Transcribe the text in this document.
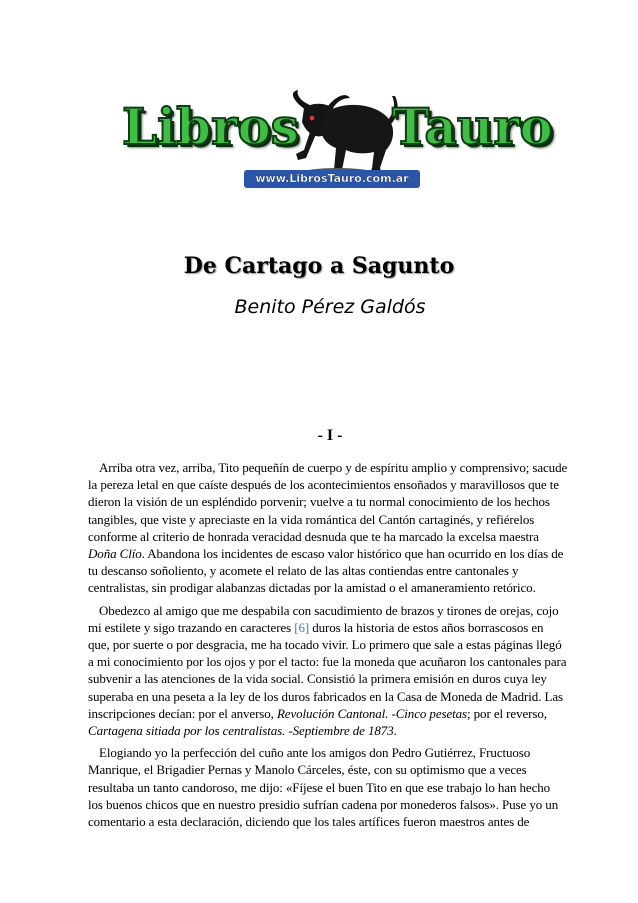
Libros Tauro
www.LibrosTauro.com.ar
De Cartago a Sagunto
Benito Pérez Galdós
- I -

Arriba otra vez, arriba, Tito pequeñín de cuerpo y de espíritu amplio y comprensivo; sacude la pereza letal en que caíste después de los acontecimientos ensoñados y maravillosos que te dieron la visión de un espléndido porvenir; vuelve a tu normal conocimiento de los hechos tangibles, que viste y apreciaste en la vida romántica del Cantón cartaginés, y refiérelos conforme al criterio de honrada veracidad desnuda que te ha marcado la excelsa maestra Doña Clío. Abandona los incidentes de escaso valor histórico que han ocurrido en los días de tu descanso soñoliento, y acomete el relato de las altas contiendas entre cantonales y centralistas, sin prodigar alabanzas dictadas por la amistad o el amaneramiento retórico.

Obedezco al amigo que me despabila con sacudimiento de brazos y tirones de orejas, cojo mi estilete y sigo trazando en caracteres [6] duros la historia de estos años borrascosos en que, por suerte o por desgracia, me ha tocado vivir. Lo primero que sale a estas páginas llegó a mi conocimiento por los ojos y por el tacto: fue la moneda que acuñaron los cantonales para subvenir a las atenciones de la vida social. Consistió la primera emisión en duros cuya ley superaba en una peseta a la ley de los duros fabricados en la Casa de Moneda de Madrid. Las inscripciones decían: por el anverso, Revolución Cantonal. -Cinco pesetas; por el reverso, Cartagena sitiada por los centralistas. -Septiembre de 1873.

Elogiando yo la perfección del cuño ante los amigos don Pedro Gutiérrez, Fructuoso Manrique, el Brigadier Pernas y Manolo Cárceles, éste, con su optimismo que a veces resultaba un tanto candoroso, me dijo: «Fíjese el buen Tito en que ese trabajo lo han hecho los buenos chicos que en nuestro presidio sufrían cadena por monederos falsos». Puse yo un comentario a esta declaración, diciendo que los tales artífices fueron maestros antes de
